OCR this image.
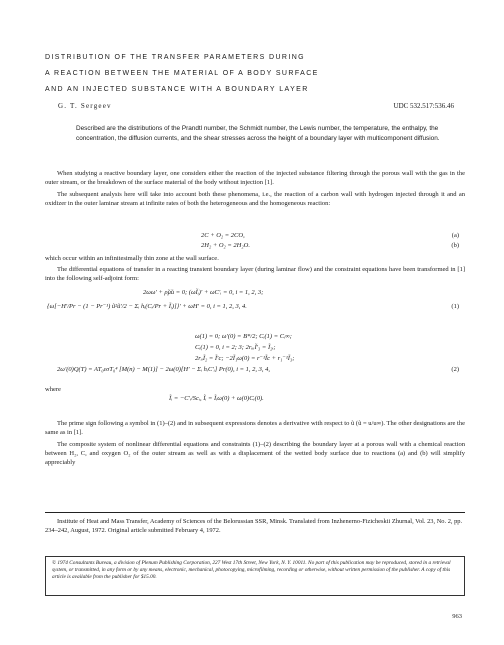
DISTRIBUTION OF THE TRANSFER PARAMETERS DURING
A REACTION BETWEEN THE MATERIAL OF A BODY SURFACE
AND AN INJECTED SUBSTANCE WITH A BOUNDARY LAYER
G. T. Sergeev	UDC 532.517:536.46
Described are the distributions of the Prandtl number, the Schmidt number, the Lewis number, the temperature, the enthalpy, the concentration, the diffusion currents, and the shear stresses across the height of a boundary layer with multicomponent diffusion.

When studying a reactive boundary layer, one considers either the reaction of the injected substance filtering through the porous wall with the gas in the outer stream, or the breakdown of the surface material of the body without injection [1].

The subsequent analysis here will take into account both these phenomena, i.e., the reaction of a carbon wall with hydrogen injected through it and an oxidizer in the outer laminar stream at infinite rates of both the heterogeneous and the homogeneous reaction:

2C + O₂ = 2CO,	(a)
2H₂ + O₂ = 2H₂O.	(b)

which occur within an infinitesimally thin zone at the wall surface.

The differential equations of transfer in a reacting transient boundary layer (during laminar flow) and the constraint equations have been transformed in [1] into the following self-adjoint form:

2ωω′ + ρ̃μ̃u = 0; (ωĨᵢ)′ + ωC′ᵢ = 0, i = 1, 2, 3;
{ω[−H′/Pr − (1 − Pr⁻¹) ũ²ũ′/2 − Σᵢ hᵢ(Cᵢ/Pr + Ĩᵢ)]}′ + ωH′ = 0, i = 1, 2, 3, 4.	(1)
ω(1) = 0; ω′(0) = B*/2; Cᵢ(1) = Cᵢ∞;
Cᵢ(1) = 0, i = 2; 3; 2rᵢᵢᵢĨ′₃ = Ĩ₂ᵢ;
2rᵢᵢĨ₂ = Ĩ′c; −2Ĩ₁ω(0) = r⁻¹Ĩc + r₁⁻¹Ĩ₃;
2ω′(0)Q(T) = AT₀εσT₀⁴ [M(n) − M(1)] − 2ω(0)[H′ − Σᵢ hᵢC′ᵢ] Pr(0), i = 1, 2, 3, 4,	(2)
where
Ĩᵢ = −C′ᵢ/Scᵢ, Ĩᵢ = Ĩᵢω(0) + ω(0)Cᵢ(0).

The prime sign following a symbol in (1)–(2) and in subsequent expressions denotes a derivative with respect to ũ (ũ = u/u∞). The other designations are the same as in [1].

The composite system of nonlinear differential equations and constraints (1)–(2) describing the boundary layer at a porous wall with a chemical reaction between H₂, C, and oxygen O₂ of the outer stream as well as with a displacement of the wetted body surface due to reactions (a) and (b) will simplify appreciably

Institute of Heat and Mass Transfer, Academy of Sciences of the Belorussian SSR, Minsk. Translated from Inzhenerno-Fizicheskii Zhurnal, Vol. 23, No. 2, pp. 234–242, August, 1972. Original article submitted February 4, 1972.

© 1974 Consultants Bureau, a division of Plenum Publishing Corporation, 227 West 17th Street, New York, N. Y. 10011. No part of this publication may be reproduced, stored in a retrieval system, or transmitted, in any form or by any means, electronic, mechanical, photocopying, microfilming, recording or otherwise, without written permission of the publisher. A copy of this article is available from the publisher for $15.00.
963
